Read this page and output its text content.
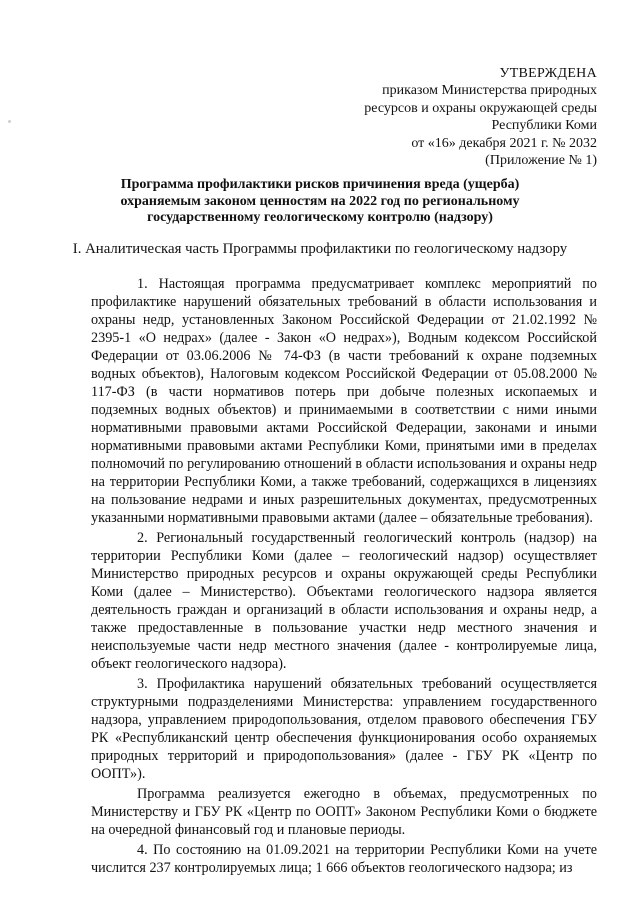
УТВЕРЖДЕНА
приказом Министерства природных
ресурсов и охраны окружающей среды
Республики Коми
от «16» декабря 2021 г. № 2032
(Приложение № 1)
Программа профилактики рисков причинения вреда (ущерба) охраняемым законом ценностям на 2022 год по региональному государственному геологическому контролю (надзору)
I. Аналитическая часть Программы профилактики по геологическому надзору

1. Настоящая программа предусматривает комплекс мероприятий по профилактике нарушений обязательных требований в области использования и охраны недр, установленных Законом Российской Федерации от 21.02.1992 № 2395-1 «О недрах» (далее - Закон «О недрах»), Водным кодексом Российской Федерации от 03.06.2006 № 74-ФЗ (в части требований к охране подземных водных объектов), Налоговым кодексом Российской Федерации от 05.08.2000 № 117-ФЗ (в части нормативов потерь при добыче полезных ископаемых и подземных водных объектов) и принимаемыми в соответствии с ними иными нормативными правовыми актами Российской Федерации, законами и иными нормативными правовыми актами Республики Коми, принятыми ими в пределах полномочий по регулированию отношений в области использования и охраны недр на территории Республики Коми, а также требований, содержащихся в лицензиях на пользование недрами и иных разрешительных документах, предусмотренных указанными нормативными правовыми актами (далее – обязательные требования).

2. Региональный государственный геологический контроль (надзор) на территории Республики Коми (далее – геологический надзор) осуществляет Министерство природных ресурсов и охраны окружающей среды Республики Коми (далее – Министерство). Объектами геологического надзора является деятельность граждан и организаций в области использования и охраны недр, а также предоставленные в пользование участки недр местного значения и неиспользуемые части недр местного значения (далее - контролируемые лица, объект геологического надзора).

3. Профилактика нарушений обязательных требований осуществляется структурными подразделениями Министерства: управлением государственного надзора, управлением природопользования, отделом правового обеспечения ГБУ РК «Республиканский центр обеспечения функционирования особо охраняемых природных территорий и природопользования» (далее - ГБУ РК «Центр по ООПТ»).

Программа реализуется ежегодно в объемах, предусмотренных по Министерству и ГБУ РК «Центр по ООПТ» Законом Республики Коми о бюджете на очередной финансовый год и плановые периоды.

4. По состоянию на 01.09.2021 на территории Республики Коми на учете числится 237 контролируемых лица; 1 666 объектов геологического надзора; из
